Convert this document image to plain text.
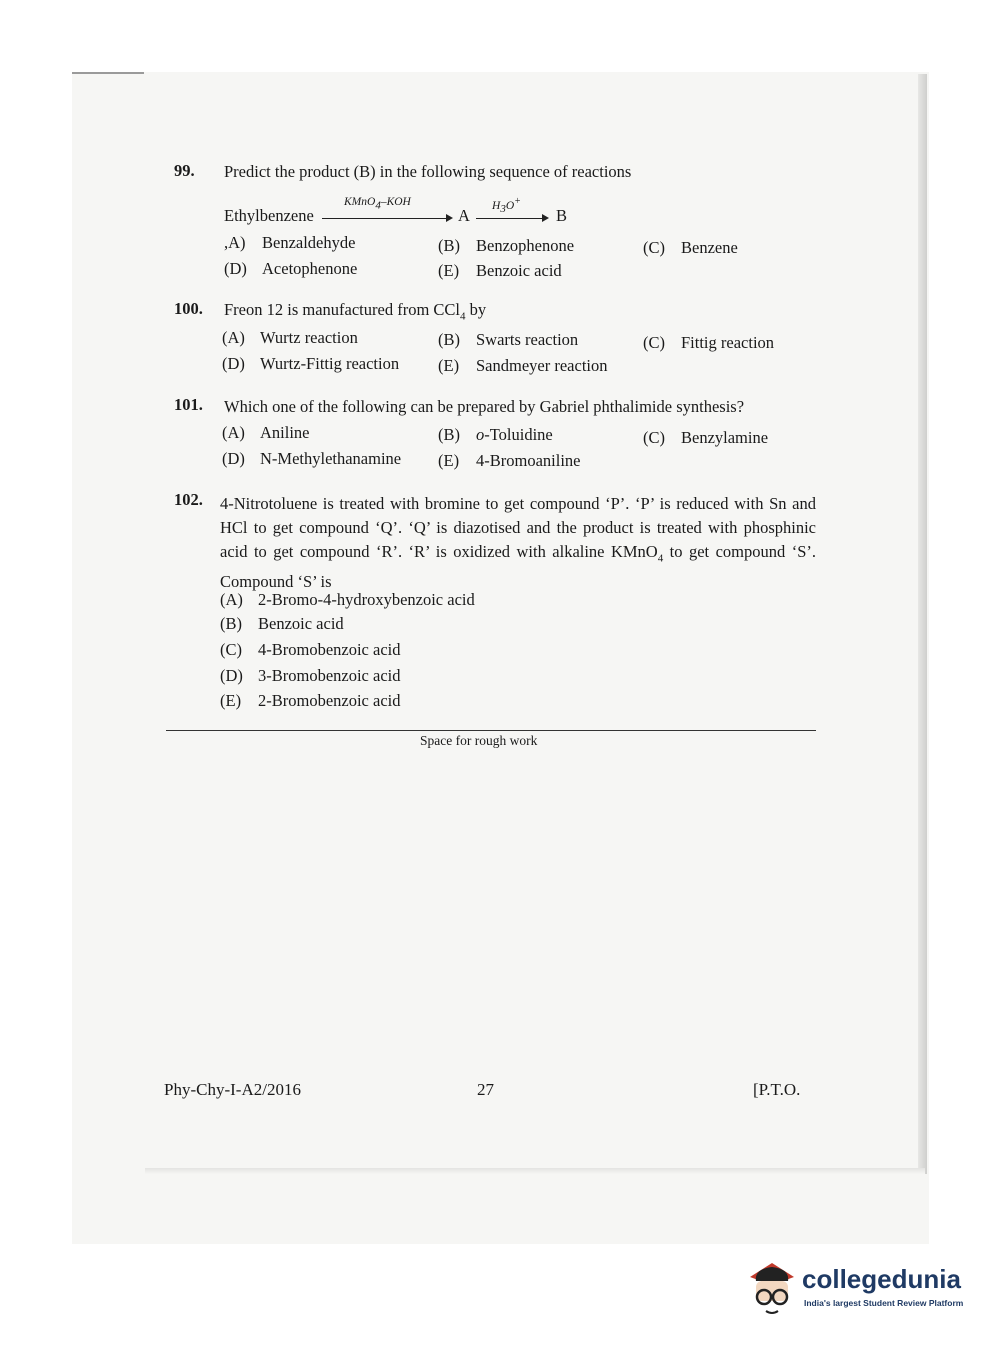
99. Predict the product (B) in the following sequence of reactions
Ethylbenzene
KMnO$_4$–KOH
A
$H_3O^+$
B
,A) Benzaldehyde	(B) Benzophenone	(C) Benzene
(D) Acetophenone	(E) Benzoic acid
100. Freon 12 is manufactured from CCl$_4$ by
(A) Wurtz reaction	(B) Swarts reaction	(C) Fittig reaction
(D) Wurtz-Fittig reaction (E) Sandmeyer reaction
101. Which one of the following can be prepared by Gabriel phthalimide synthesis?
(A) Aniline	(B) o-Toluidine	(C) Benzylamine
(D) N-Methylethanamine (E) 4-Bromoaniline
102. 4-Nitrotoluene is treated with bromine to get compound ‘P’. ‘P’ is reduced with Sn and HCl to get compound ‘Q’. ‘Q’ is diazotised and the product is treated with phosphinic acid to get compound ‘R’. ‘R’ is oxidized with alkaline KMnO$_4$ to get compound ‘S’. Compound ‘S’ is
(A) 2-Bromo-4-hydroxybenzoic acid
(B) Benzoic acid
(C) 4-Bromobenzoic acid
(D) 3-Bromobenzoic acid
(E) 2-Bromobenzoic acid
Space for rough work
Phy-Chy-I-A2/2016	27	[P.T.O.
collegedunia
India's largest Student Review Platform
